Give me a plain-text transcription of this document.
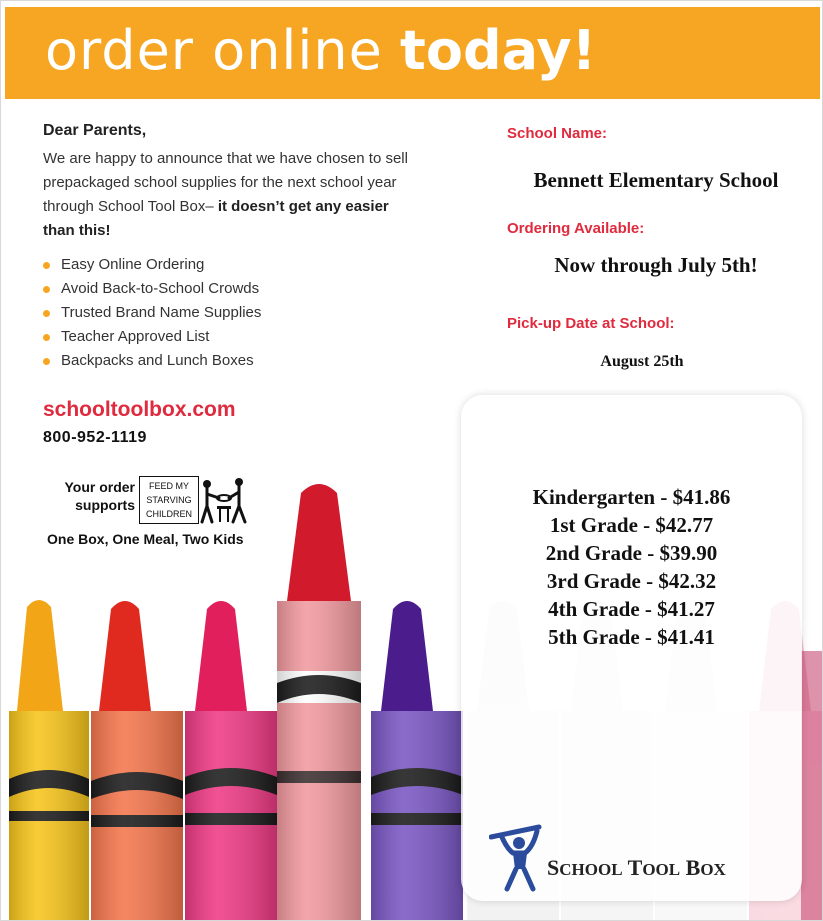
order online today!
Dear Parents,
We are happy to announce that we have chosen to sell
prepackaged school supplies for the next school year
through School Tool Box– it doesn’t get any easier
than this!
Easy Online Ordering
Avoid Back-to-School Crowds
Trusted Brand Name Supplies
Teacher Approved List
Backpacks and Lunch Boxes
schooltoolbox.com
800-952-1119
Your order
supports
FEED MY
STARVING
CHILDREN
One Box, One Meal, Two Kids
School Name:
Bennett Elementary School
Ordering Available:
Now through July 5th!
Pick-up Date at School:
August 25th
Kindergarten - $41.86
1st Grade - $42.77
2nd Grade - $39.90
3rd Grade - $42.32
4th Grade - $41.27
5th Grade - $41.41
SCHOOL TOOL BOX
